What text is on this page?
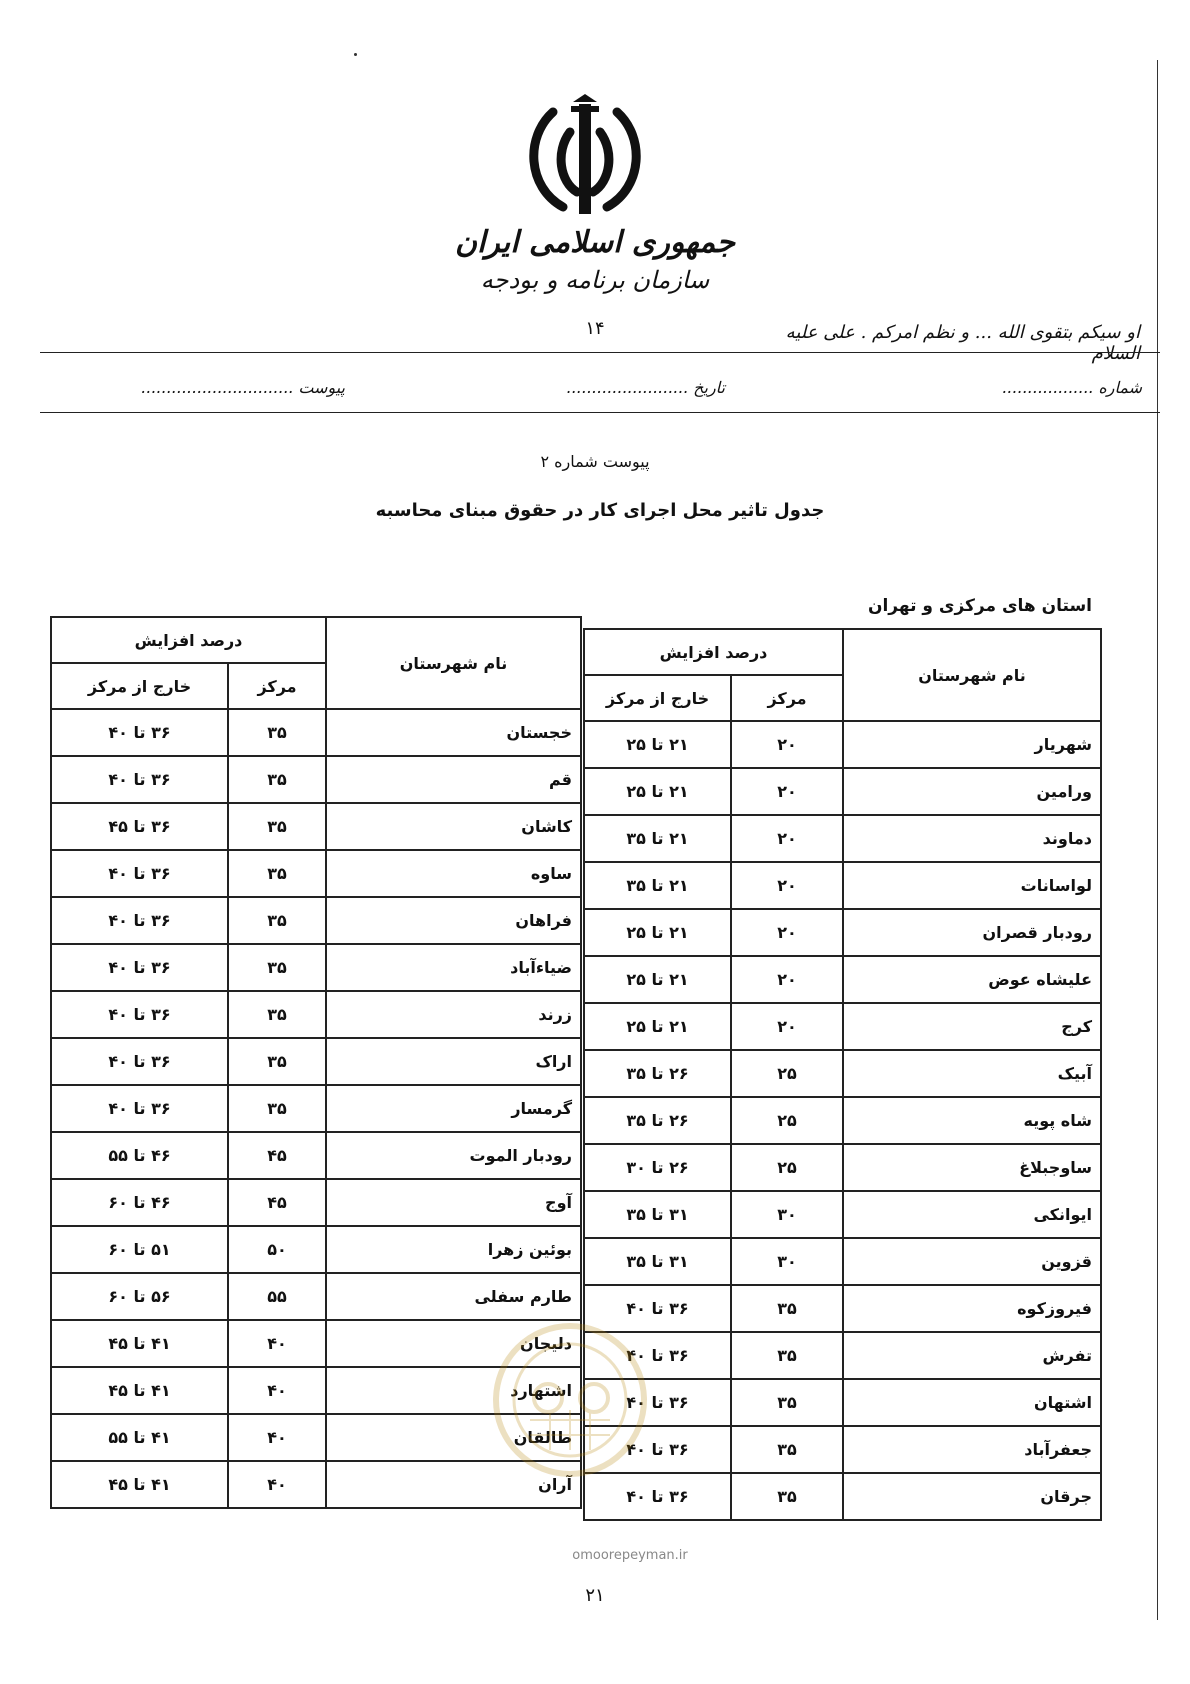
جمهوری اسلامی ایران
سازمان برنامه و بودجه
۱۴	او سیکم بتقوی الله ... و نظم امرکم . علی علیه السلام
شماره ..................
تاریخ ........................
پیوست ..............................
پیوست شماره ۲
جدول تاثیر محل اجرای کار در حقوق مبنای محاسبه
استان های مرکزی و تهران
نام شهرستان	درصد افزایش	
	مرکز	خارج از مرکز
شهریار	۲۰	۲۱ تا ۲۵
ورامین	۲۰	۲۱ تا ۲۵
دماوند	۲۰	۲۱ تا ۳۵
لواسانات	۲۰	۲۱ تا ۳۵
رودبار قصران	۲۰	۲۱ تا ۲۵
علیشاه عوض	۲۰	۲۱ تا ۲۵
کرج	۲۰	۲۱ تا ۲۵
آبیک	۲۵	۲۶ تا ۳۵
شاه پویه	۲۵	۲۶ تا ۳۵
ساوجبلاغ	۲۵	۲۶ تا ۳۰
ایوانکی	۳۰	۳۱ تا ۳۵
قزوین	۳۰	۳۱ تا ۳۵
فیروزکوه	۳۵	۳۶ تا ۴۰
تفرش	۳۵	۳۶ تا ۴۰
اشتهان	۳۵	۳۶ تا ۴۰
جعفرآباد	۳۵	۳۶ تا ۴۰
جرقان	۳۵	۳۶ تا ۴۰
نام شهرستان	درصد افزایش	
	مرکز	خارج از مرکز
خجستان	۳۵	۳۶ تا ۴۰
قم	۳۵	۳۶ تا ۴۰
کاشان	۳۵	۳۶ تا ۴۵
ساوه	۳۵	۳۶ تا ۴۰
فراهان	۳۵	۳۶ تا ۴۰
ضیاءآباد	۳۵	۳۶ تا ۴۰
زرند	۳۵	۳۶ تا ۴۰
اراک	۳۵	۳۶ تا ۴۰
گرمسار	۳۵	۳۶ تا ۴۰
رودبار الموت	۴۵	۴۶ تا ۵۵
آوج	۴۵	۴۶ تا ۶۰
بوئین زهرا	۵۰	۵۱ تا ۶۰
طارم سفلی	۵۵	۵۶ تا ۶۰
دلیجان	۴۰	۴۱ تا ۴۵
اشتهارد	۴۰	۴۱ تا ۴۵
طالقان	۴۰	۴۱ تا ۵۵
آران	۴۰	۴۱ تا ۴۵
omoorepeyman.ir
۲۱
